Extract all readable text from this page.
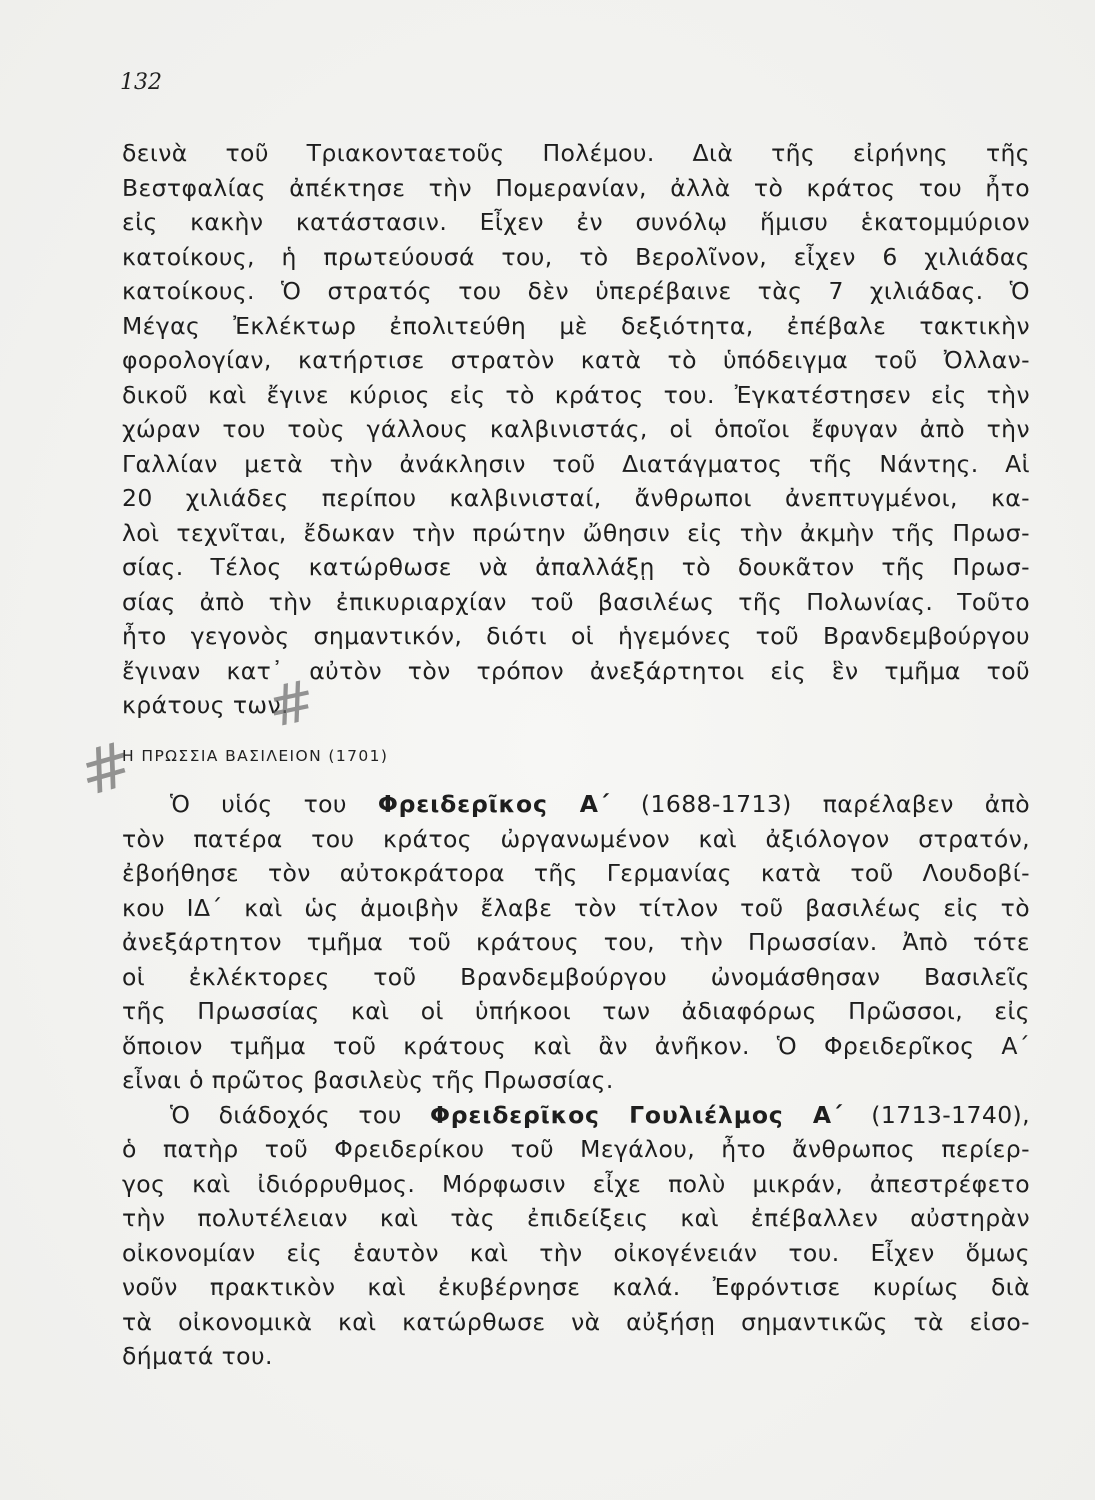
132
δεινὰ τοῦ Τριακονταετοῦς Πολέμου. Διὰ τῆς εἰρήνης τῆς
Βεστφαλίας ἀπέκτησε τὴν Πομερανίαν, ἀλλὰ τὸ κράτος του ἦτο
εἰς κακὴν κατάστασιν. Εἶχεν ἐν συνόλῳ ἥμισυ ἑκατομμύριον
κατοίκους, ἡ πρωτεύουσά του, τὸ Βερολῖνον, εἶχεν 6 χιλιάδας
κατοίκους. Ὁ στρατός του δὲν ὑπερέβαινε τὰς 7 χιλιάδας. Ὁ
Μέγας Ἐκλέκτωρ ἐπολιτεύθη μὲ δεξιότητα, ἐπέβαλε τακτικὴν
φορολογίαν, κατήρτισε στρατὸν κατὰ τὸ ὑπόδειγμα τοῦ Ὀλλαν-
δικοῦ καὶ ἔγινε κύριος εἰς τὸ κράτος του. Ἐγκατέστησεν εἰς τὴν
χώραν του τοὺς γάλλους καλβινιστάς, οἱ ὁποῖοι ἔφυγαν ἀπὸ τὴν
Γαλλίαν μετὰ τὴν ἀνάκλησιν τοῦ Διατάγματος τῆς Νάντης. Αἱ
20 χιλιάδες περίπου καλβινισταί, ἄνθρωποι ἀνεπτυγμένοι, κα-
λοὶ τεχνῖται, ἔδωκαν τὴν πρώτην ὤθησιν εἰς τὴν ἀκμὴν τῆς Πρωσ-
σίας. Τέλος κατώρθωσε νὰ ἀπαλλάξῃ τὸ δουκᾶτον τῆς Πρωσ-
σίας ἀπὸ τὴν ἐπικυριαρχίαν τοῦ βασιλέως τῆς Πολωνίας. Τοῦτο
ἦτο γεγονὸς σημαντικόν, διότι οἱ ἡγεμόνες τοῦ Βρανδεμβούργου
ἔγιναν κατ᾿ αὐτὸν τὸν τρόπον ἀνεξάρτητοι εἰς ἓν τμῆμα τοῦ
κράτους των.
#
#
Η ΠΡΩΣΣΙΑ ΒΑΣΙΛΕΙΟΝ (1701)
Ὁ υἱός του Φρειδερῖκος Α΄ (1688-1713) παρέλαβεν ἀπὸ
τὸν πατέρα του κράτος ὠργανωμένον καὶ ἀξιόλογον στρατόν,
ἐβοήθησε τὸν αὐτοκράτορα τῆς Γερμανίας κατὰ τοῦ Λουδοβί-
κου ΙΔ΄ καὶ ὡς ἀμοιβὴν ἔλαβε τὸν τίτλον τοῦ βασιλέως εἰς τὸ
ἀνεξάρτητον τμῆμα τοῦ κράτους του, τὴν Πρωσσίαν. Ἀπὸ τότε
οἱ ἐκλέκτορες τοῦ Βρανδεμβούργου ὠνομάσθησαν Βασιλεῖς
τῆς Πρωσσίας καὶ οἱ ὑπήκοοι των ἀδιαφόρως Πρῶσσοι, εἰς
ὅποιον τμῆμα τοῦ κράτους καὶ ἂν ἀνῆκον. Ὁ Φρειδερῖκος Α΄
εἶναι ὁ πρῶτος βασιλεὺς τῆς Πρωσσίας.
Ὁ διάδοχός του Φρειδερῖκος Γουλιέλμος Α΄ (1713-1740),
ὁ πατὴρ τοῦ Φρειδερίκου τοῦ Μεγάλου, ἦτο ἄνθρωπος περίερ-
γος καὶ ἰδιόρρυθμος. Μόρφωσιν εἶχε πολὺ μικράν, ἀπεστρέφετο
τὴν πολυτέλειαν καὶ τὰς ἐπιδείξεις καὶ ἐπέβαλλεν αὐστηρὰν
οἰκονομίαν εἰς ἑαυτὸν καὶ τὴν οἰκογένειάν του. Εἶχεν ὅμως
νοῦν πρακτικὸν καὶ ἐκυβέρνησε καλά. Ἐφρόντισε κυρίως διὰ
τὰ οἰκονομικὰ καὶ κατώρθωσε νὰ αὐξήσῃ σημαντικῶς τὰ εἰσο-
δήματά του.
